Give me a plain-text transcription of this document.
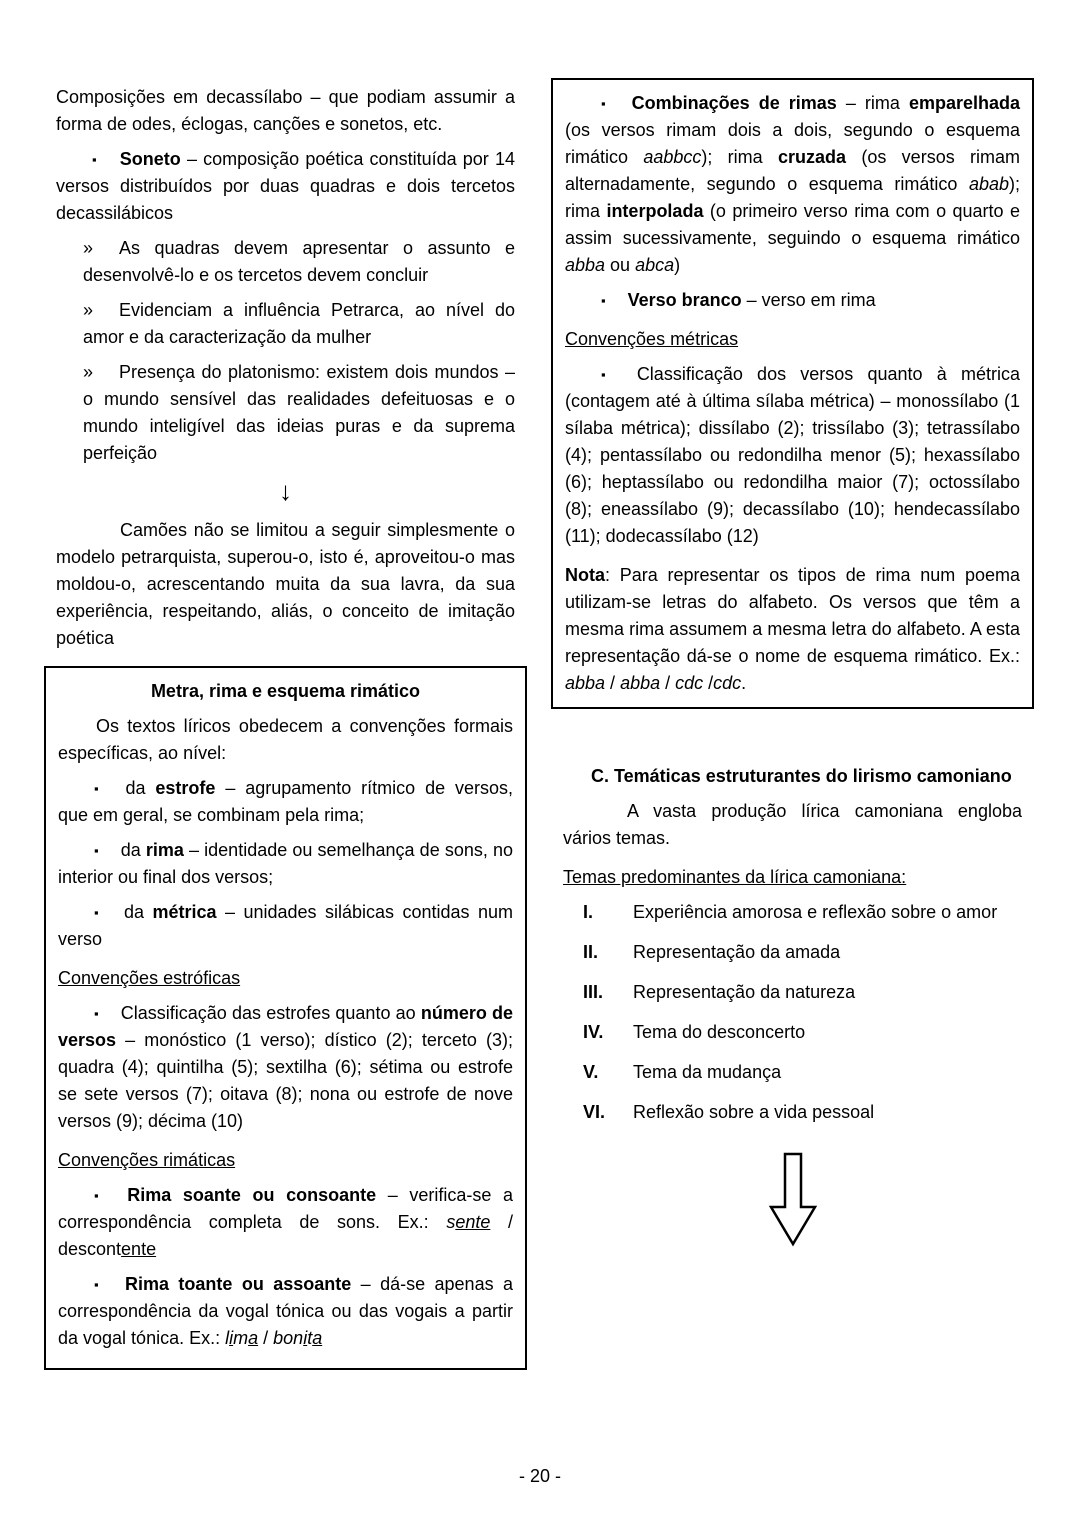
Composições em decassílabo – que podiam assumir a forma de odes, éclogas, canções e sonetos, etc.

▪ Soneto – composição poética constituída por 14 versos distribuídos por duas quadras e dois tercetos decassilábicos

» As quadras devem apresentar o assunto e desenvolvê-lo e os tercetos devem concluir

» Evidenciam a influência Petrarca, ao nível do amor e da caracterização da mulher

» Presença do platonismo: existem dois mundos – o mundo sensível das realidades defeituosas e o mundo inteligível das ideias puras e da suprema perfeição

↓

Camões não se limitou a seguir simplesmente o modelo petrarquista, superou-o, isto é, aproveitou-o mas moldou-o, acrescentando muita da sua lavra, da sua experiência, respeitando, aliás, o conceito de imitação poética

Metra, rima e esquema rimático

Os textos líricos obedecem a convenções formais específicas, ao nível:

▪ da estrofe – agrupamento rítmico de versos, que em geral, se combinam pela rima;

▪ da rima – identidade ou semelhança de sons, no interior ou final dos versos;

▪ da métrica – unidades silábicas contidas num verso

Convenções estróficas

▪ Classificação das estrofes quanto ao número de versos – monóstico (1 verso); dístico (2); terceto (3); quadra (4); quintilha (5); sextilha (6); sétima ou estrofe se sete versos (7); oitava (8); nona ou estrofe de nove versos (9); décima (10)

Convenções rimáticas

▪ Rima soante ou consoante – verifica-se a correspondência completa de sons. Ex.: sente / descontente

▪ Rima toante ou assoante – dá-se apenas a correspondência da vogal tónica ou das vogais a partir da vogal tónica. Ex.: lima / bonita

▪ Combinações de rimas – rima emparelhada (os versos rimam dois a dois, segundo o esquema rimático aabbcc); rima cruzada (os versos rimam alternadamente, segundo o esquema rimático abab); rima interpolada (o primeiro verso rima com o quarto e assim sucessivamente, seguindo o esquema rimático abba ou abca)

▪ Verso branco – verso em rima

Convenções métricas

▪ Classificação dos versos quanto à métrica (contagem até à última sílaba métrica) – monossílabo (1 sílaba métrica); dissílabo (2); trissílabo (3); tetrassílabo (4); pentassílabo ou redondilha menor (5); hexassílabo (6); heptassílabo ou redondilha maior (7); octossílabo (8); eneassílabo (9); decassílabo (10); hendecassílabo (11); dodecassílabo (12)

Nota: Para representar os tipos de rima num poema utilizam-se letras do alfabeto. Os versos que têm a mesma rima assumem a mesma letra do alfabeto. A esta representação dá-se o nome de esquema rimático. Ex.: abba / abba / cdc /cdc.

C. Temáticas estruturantes do lirismo camoniano

A vasta produção lírica camoniana engloba vários temas.

Temas predominantes da lírica camoniana:

I.	Experiência amorosa e reflexão sobre o amor
II.	Representação da amada
III.	Representação da natureza
IV.	Tema do desconcerto
V.	Tema da mudança
VI.	Reflexão sobre a vida pessoal
- 20 -
